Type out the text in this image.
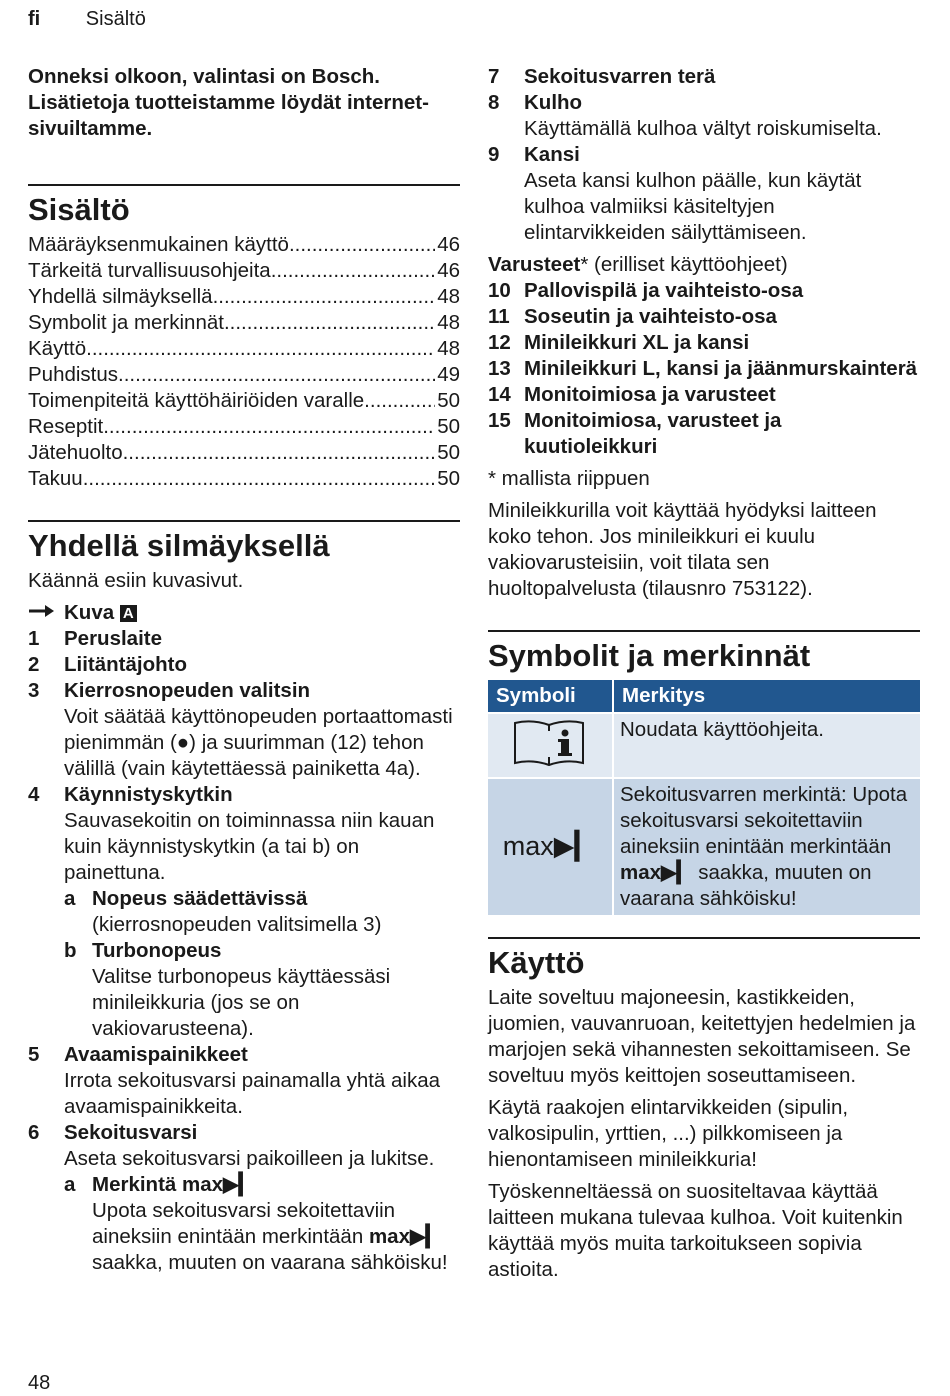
fi Sisältö

Onneksi olkoon, valintasi on Bosch. Lisätietoja tuotteistamme löydät internet-sivuiltamme.

Sisältö
Määräyksenmukainen käyttö .....	46
Tärkeitä turvallisuusohjeita .....	46
Yhdellä silmäyksellä .....	48
Symbolit ja merkinnät .....	48
Käyttö .....	48
Puhdistus .....	49
Toimenpiteitä käyttöhäiriöiden varalle .....	50
Reseptit .....	50
Jätehuolto .....	50
Takuu .....	50
Yhdellä silmäyksellä

Käännä esiin kuvasivut.

Kuva A
1	Peruslaite
2	Liitäntäjohto
3	Kierrosnopeuden valitsin
Voit säätää käyttönopeuden portaattomasti pienimmän (●) ja suurimman (12) tehon välillä (vain käytettäessä painiketta 4a).
4	Käynnistyskytkin
Sauvasekoitin on toiminnassa niin kauan kuin käynnistyskytkin (a tai b) on painettuna.
a Nopeus säädettävissä
(kierrosnopeuden valitsimella 3)
b Turbonopeus
Valitse turbonopeus käyttäessäsi minileikkuria (jos se on vakiovarusteena).
5	Avaamispainikkeet
Irrota sekoitusvarsi painamalla yhtä aikaa avaamispainikkeita.
6	Sekoitusvarsi
Aseta sekoitusvarsi paikoilleen ja lukitse.
a Merkintä max▶▎
Upota sekoitusvarsi sekoitettaviin aineksiin enintään merkintään max▶▎ saakka, muuten on vaarana sähköisku!
7	Sekoitusvarren terä
8	Kulho
Käyttämällä kulhoa vältyt roiskumiselta.
9	Kansi
Aseta kansi kulhon päälle, kun käytät kulhoa valmiiksi käsiteltyjen elintarvikkeiden säilyttämiseen.

Varusteet* (erilliset käyttöohjeet)

10 Pallovispilä ja vaihteisto-osa
11 Soseutin ja vaihteisto-osa
12 Minileikkuri XL ja kansi
13 Minileikkuri L, kansi ja jäänmurskainterä
14 Monitoimiosa ja varusteet
15 Monitoimiosa, varusteet ja kuutioleikkuri

* mallista riippuen

Minileikkurilla voit käyttää hyödyksi laitteen koko tehon. Jos minileikkuri ei kuulu vakiovarusteisiin, voit tilata sen huoltopalvelusta (tilausnro 753122).

Symbolit ja merkinnät
Symboli	Merkitys
	Noudata käyttöohjeita.
max▶▎	Sekoitusvarren merkintä: Upota sekoitusvarsi sekoitettaviin aineksiin enintään merkintään max▶▎ saakka, muuten on vaarana sähköisku!
Käyttö

Laite soveltuu majoneesin, kastikkeiden, juomien, vauvanruoan, keitettyjen hedelmien ja marjojen sekä vihannesten sekoittamiseen. Se soveltuu myös keittojen soseuttamiseen.

Käytä raakojen elintarvikkeiden (sipulin, valkosipulin, yrttien, ...) pilkkomiseen ja hienontamiseen minileikkuria!

Työskenneltäessä on suositeltavaa käyttää laitteen mukana tulevaa kulhoa. Voit kuitenkin käyttää myös muita tarkoitukseen sopivia astioita.

48
